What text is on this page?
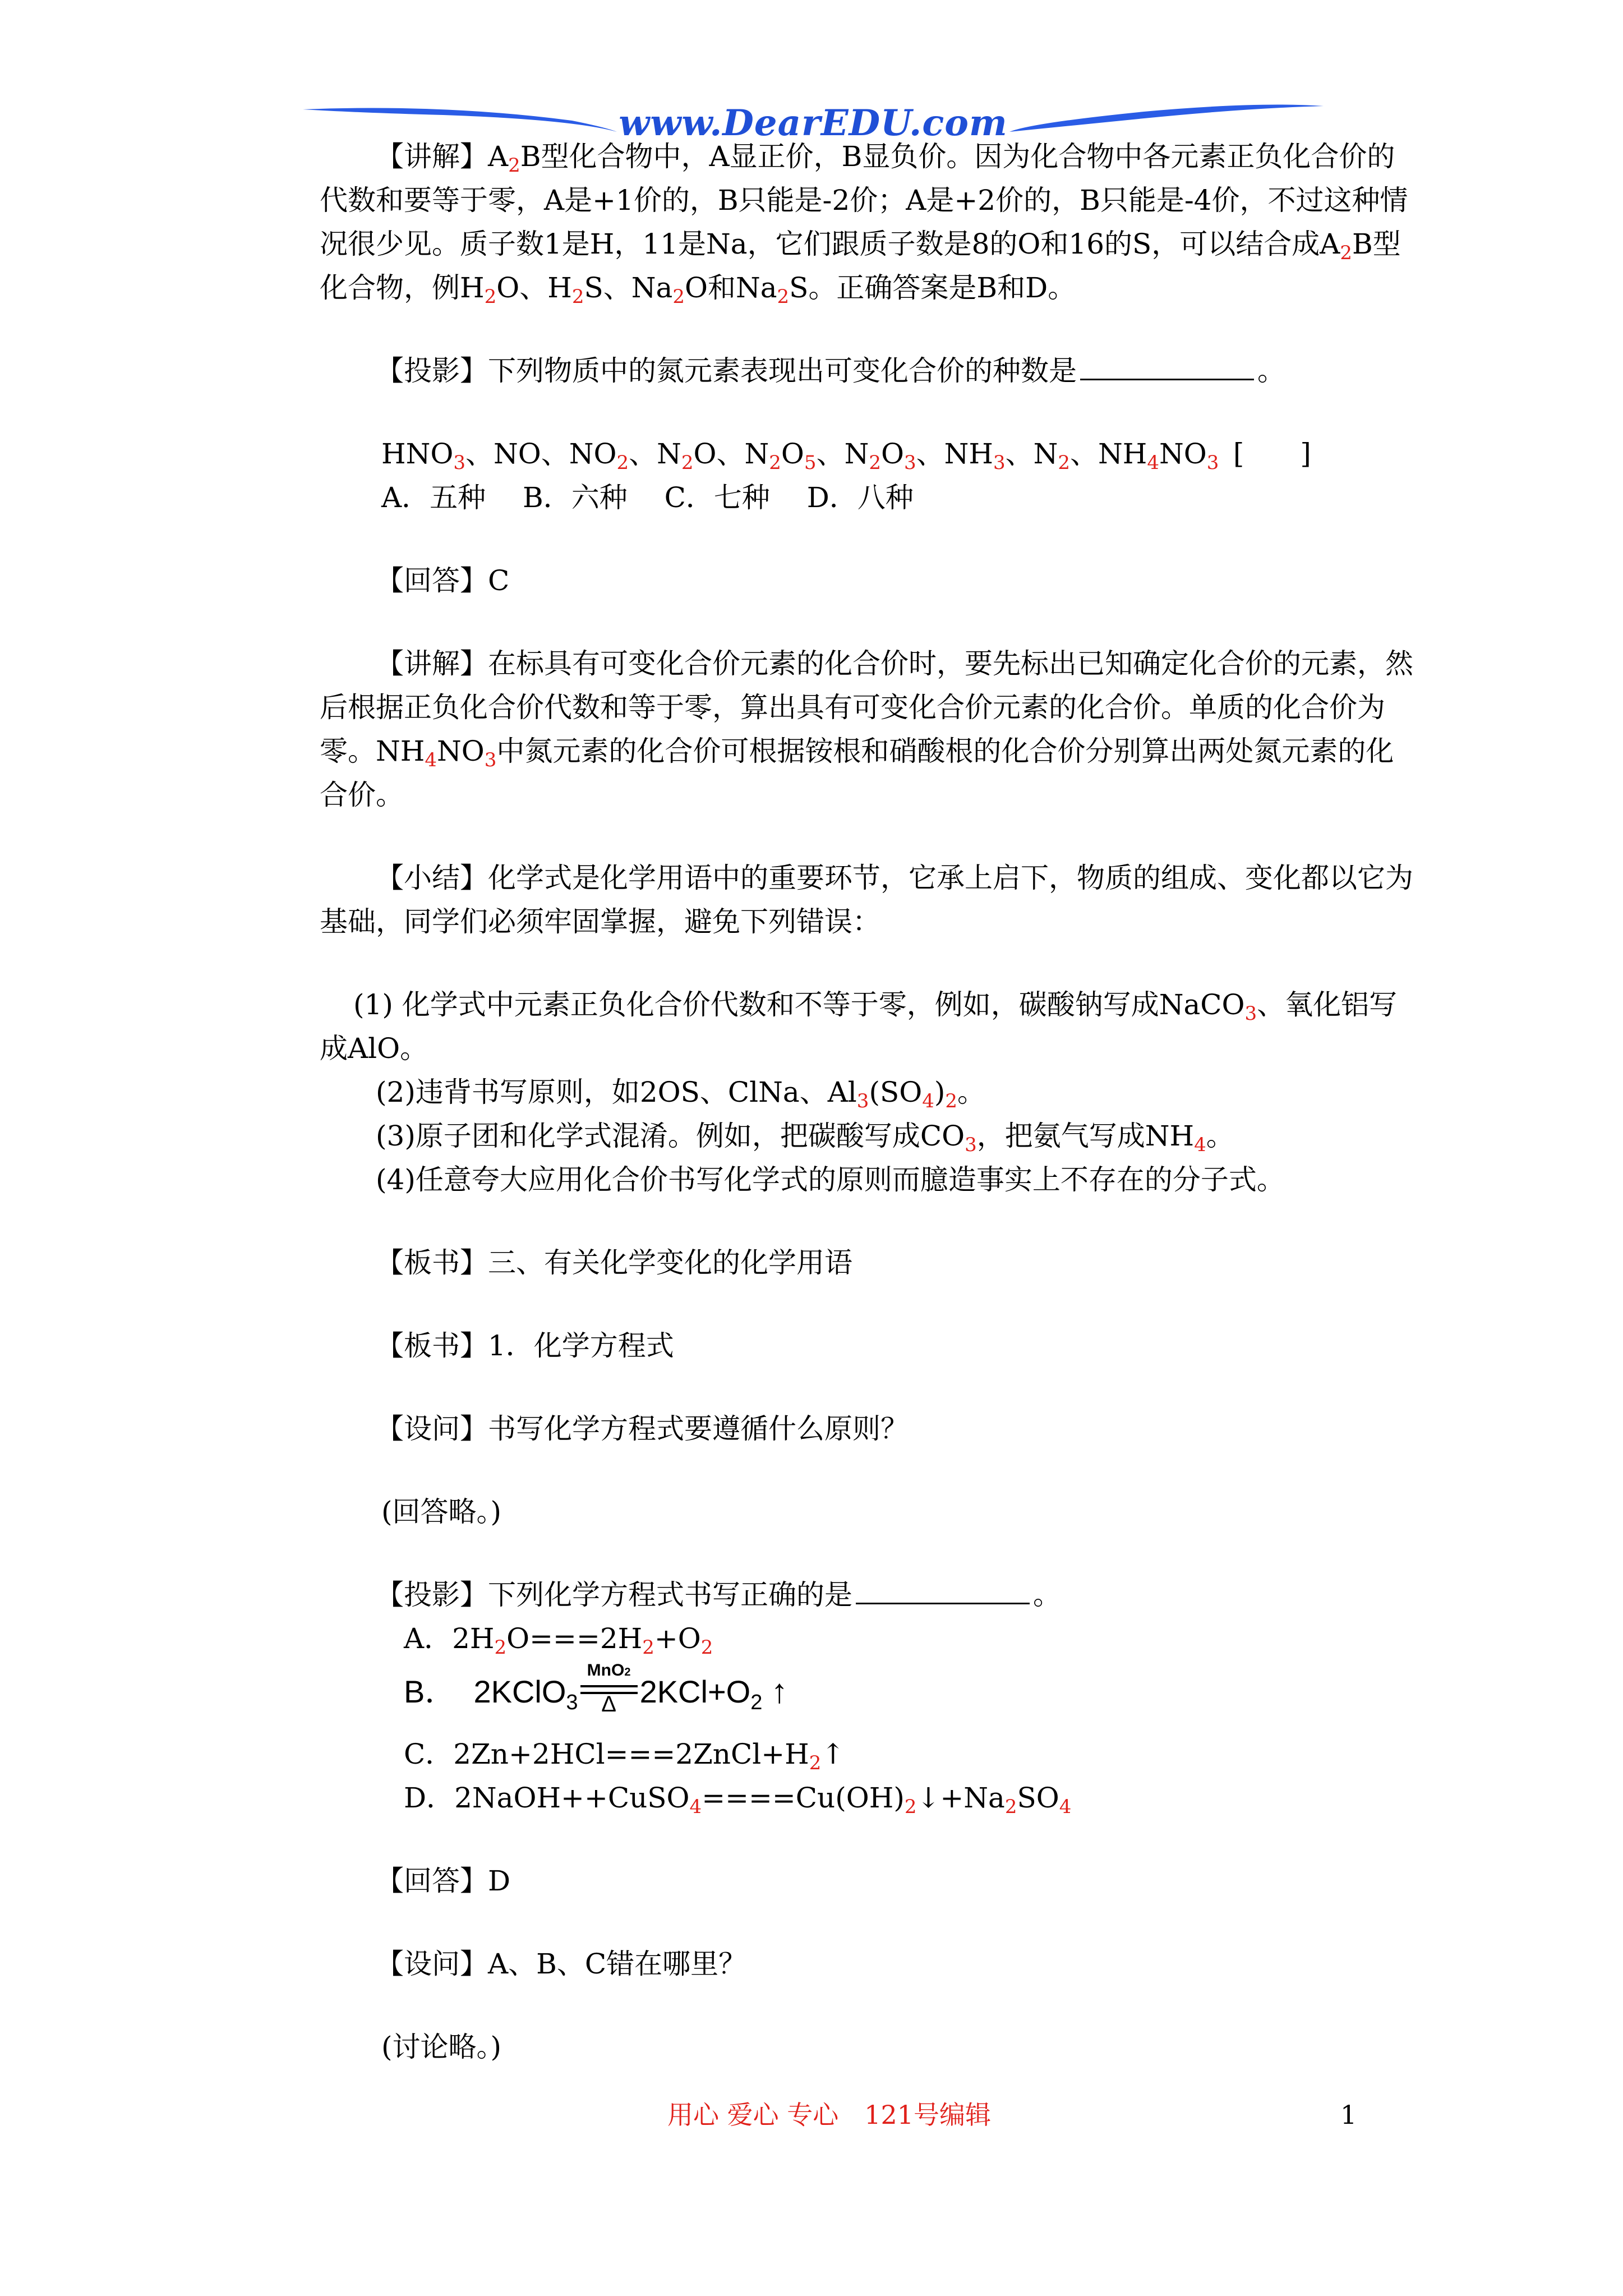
www.DearEDU.com

【讲解】$A_2B$型化合物中，A显正价，B显负价。因为化合物中各元素正负化合价的代数和要等于零，A是+1价的，B只能是-2价；A是+2价的，B只能是-4价，不过这种情况很少见。质子数1是H，11是Na，它们跟质子数是8的O和16的S，可以结合成$A_2B$型化合物，例$H_2O$、$H_2S$、$Na_2O$和$Na_2S$。正确答案是B和D。

【投影】下列物质中的氮元素表现出可变化合价的种数是	。

$HNO_3$、NO、$NO_2$、$N_2O$、$N_2O_5$、$N_2O_3$、$NH_3$、$N_2$、$NH_4NO_3$ [　　]

A．五种　 B．六种　 C．七种　 D．八种

【回答】C

【讲解】在标具有可变化合价元素的化合价时，要先标出已知确定化合价的元素，然后根据正负化合价代数和等于零，算出具有可变化合价元素的化合价。单质的化合价为零。$NH_4NO_3$中氮元素的化合价可根据铵根和硝酸根的化合价分别算出两处氮元素的化合价。

【小结】化学式是化学用语中的重要环节，它承上启下，物质的组成、变化都以它为基础，同学们必须牢固掌握，避免下列错误：

(1) 化学式中元素正负化合价代数和不等于零，例如，碳酸钠写成NaCO$_3$、氧化铝写成AlO。

(2)违背书写原则，如2OS、ClNa、$Al_3(SO_4)_2$。

(3)原子团和化学式混淆。例如，把碳酸写成$CO_3$，把氨气写成$NH_4$。

(4)任意夸大应用化合价书写化学式的原则而臆造事实上不存在的分子式。

【板书】三、有关化学变化的化学用语

【板书】1．化学方程式

【设问】书写化学方程式要遵循什么原则？

(回答略。)

【投影】下列化学方程式书写正确的是	。

A．$2H_2O===2H_2+O_2$

B． 2KClO$_3$
MnO2
Δ $2KCl+O_2$ ↑

C．$2Zn+2HCl===2ZnCl+H_2↑$

D．$2NaOH++CuSO_4====Cu(OH)_2↓+Na_2SO_4$

【回答】D

【设问】A、B、C错在哪里？

(讨论略。)

用心 爱心 专心　121号编辑	1
